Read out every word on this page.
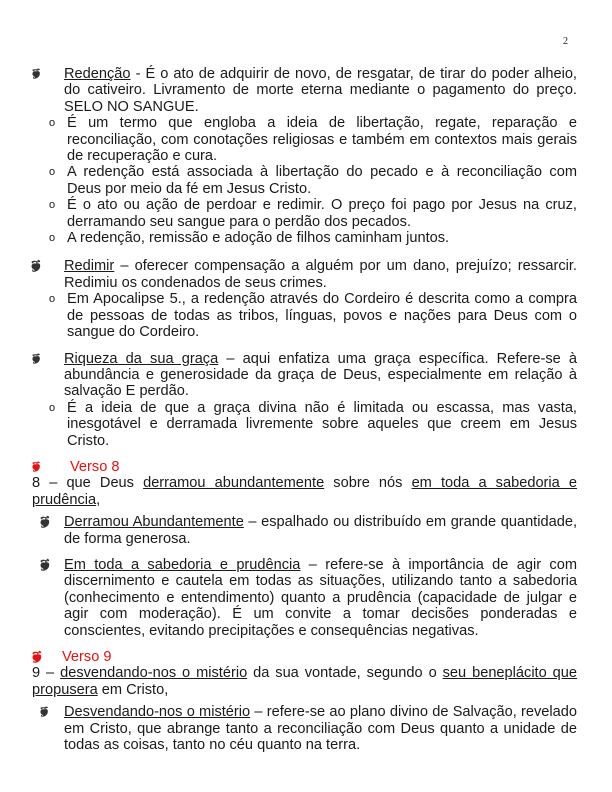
2
🙘 Redenção - É o ato de adquirir de novo, de resgatar, de tirar do poder alheio, do cativeiro. Livramento de morte eterna mediante o pagamento do preço. SELO NO SANGUE.
o É um termo que engloba a ideia de libertação, regate, reparação e reconciliação, com conotações religiosas e também em contextos mais gerais de recuperação e cura.
o A redenção está associada à libertação do pecado e à reconciliação com Deus por meio da fé em Jesus Cristo.
o É o ato ou ação de perdoar e redimir. O preço foi pago por Jesus na cruz, derramando seu sangue para o perdão dos pecados.
o A redenção, remissão e adoção de filhos caminham juntos.
🙘 Redimir – oferecer compensação a alguém por um dano, prejuízo; ressarcir. Redimiu os condenados de seus crimes.
o Em Apocalipse 5., a redenção através do Cordeiro é descrita como a compra de pessoas de todas as tribos, línguas, povos e nações para Deus com o sangue do Cordeiro.
🙘 Riqueza da sua graça – aqui enfatiza uma graça específica. Refere-se à abundância e generosidade da graça de Deus, especialmente em relação à salvação E perdão.
o É a ideia de que a graça divina não é limitada ou escassa, mas vasta, inesgotável e derramada livremente sobre aqueles que creem em Jesus Cristo.
🙘	Verso 8
8 – que Deus derramou abundantemente sobre nós em toda a sabedoria e prudência,
🙘 Derramou Abundantemente – espalhado ou distribuído em grande quantidade, de forma generosa.
🙘 Em toda a sabedoria e prudência – refere-se à importância de agir com discernimento e cautela em todas as situações, utilizando tanto a sabedoria (conhecimento e entendimento) quanto a prudência (capacidade de julgar e agir com moderação). É um convite a tomar decisões ponderadas e conscientes, evitando precipitações e consequências negativas.
🙘	Verso 9
9 – desvendando-nos o mistério da sua vontade, segundo o seu beneplácito que propusera em Cristo,
🙘 Desvendando-nos o mistério – refere-se ao plano divino de Salvação, revelado em Cristo, que abrange tanto a reconciliação com Deus quanto a unidade de todas as coisas, tanto no céu quanto na terra.
